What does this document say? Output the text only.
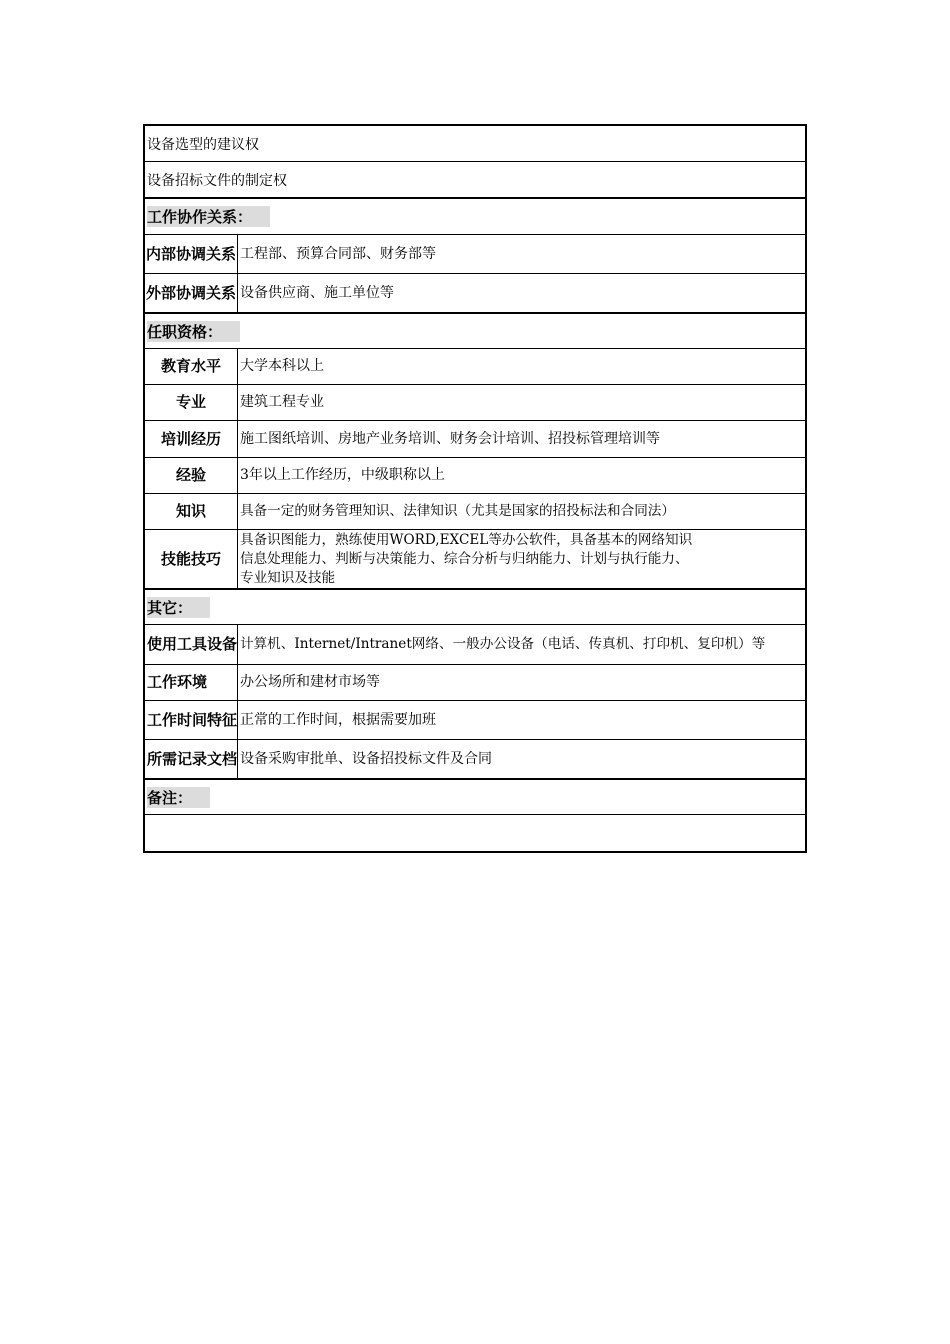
设备选型的建议权
设备招标文件的制定权
工作协作关系：
内部协调关系 工程部、预算合同部、财务部等
外部协调关系 设备供应商、施工单位等
任职资格：
教育水平	大学本科以上
专业	建筑工程专业
培训经历	施工图纸培训、房地产业务培训、财务会计培训、招投标管理培训等
经验	3年以上工作经历，中级职称以上
知识	具备一定的财务管理知识、法律知识（尤其是国家的招投标法和合同法）
技能技巧
具备识图能力，熟练使用WORD,EXCEL等办公软件，具备基本的网络知识
信息处理能力、判断与决策能力、综合分析与归纳能力、计划与执行能力、
专业知识及技能
其它：
使用工具设备 计算机、Internet/Intranet网络、一般办公设备（电话、传真机、打印机、复印机）等
工作环境	办公场所和建材市场等
工作时间特征 正常的工作时间，根据需要加班
所需记录文档 设备采购审批单、设备招投标文件及合同
备注：
